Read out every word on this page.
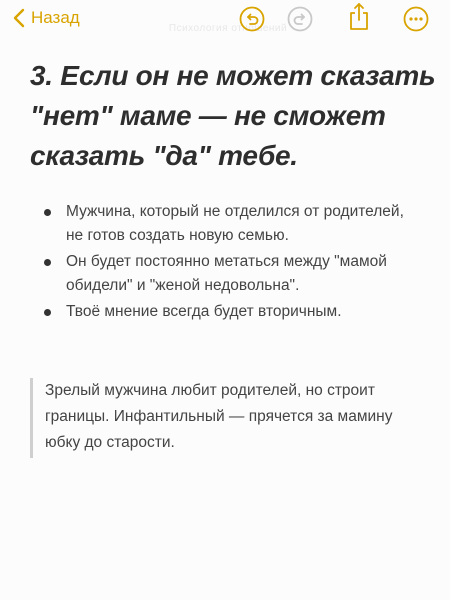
Назад
Психология отношений
3. Если он не может сказать "нет" маме — не сможет сказать "да" тебе.
Мужчина, который не отделился от родителей, не готов создать новую семью.
Он будет постоянно метаться между "мамой обидели" и "женой недовольна".
Твоё мнение всегда будет вторичным.

Зрелый мужчина любит родителей, но строит границы. Инфантильный — прячется за мамину юбку до старости.
